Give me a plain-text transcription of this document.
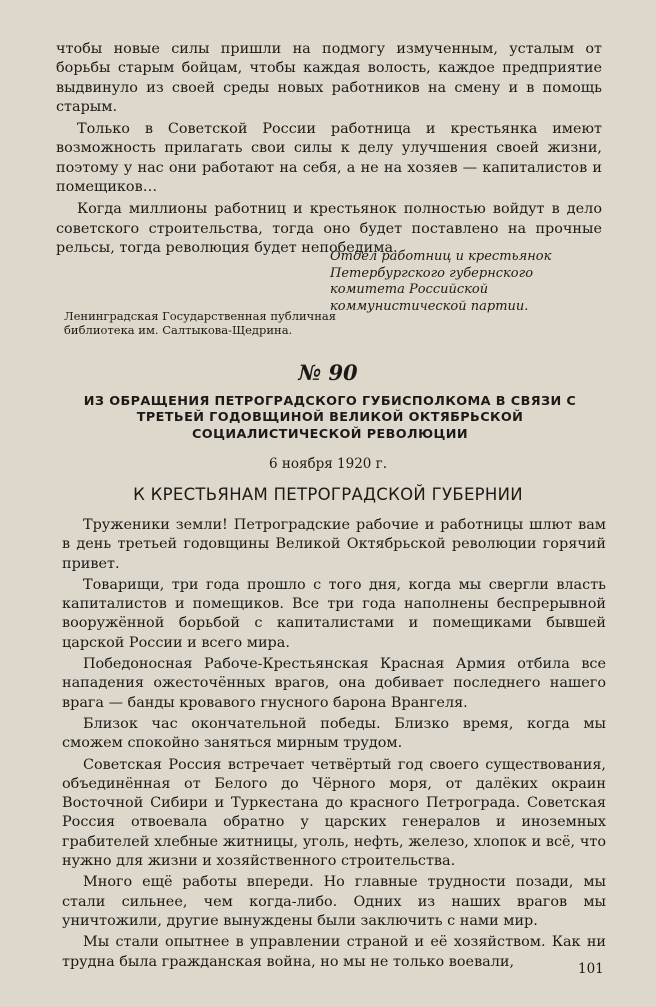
чтобы новые силы пришли на подмогу измученным, усталым от борьбы старым бойцам, чтобы каждая волость, каждое предприятие выдвинуло из своей среды новых работников на смену и в помощь старым.

Только в Советской России работница и крестьянка имеют возможность прилагать свои силы к делу улучшения своей жизни, поэтому у нас они работают на себя, а не на хозяев — капиталистов и помещиков…

Когда миллионы работниц и крестьянок полностью войдут в дело советского строительства, тогда оно будет поставлено на прочные рельсы, тогда революция будет непобедима.

Отдел работниц и крестьянок Петербургского губернского комитета Российской коммунистической партии.
Ленинградская Государственная публичная библиотека им. Салтыкова-Щедрина.
№ 90
ИЗ ОБРАЩЕНИЯ ПЕТРОГРАДСКОГО ГУБИСПОЛКОМА В СВЯЗИ С ТРЕТЬЕЙ ГОДОВЩИНОЙ ВЕЛИКОЙ ОКТЯБРЬСКОЙ СОЦИАЛИСТИЧЕСКОЙ РЕВОЛЮЦИИ
6 ноября 1920 г.
К КРЕСТЬЯНАМ ПЕТРОГРАДСКОЙ ГУБЕРНИИ

Труженики земли! Петроградские рабочие и работницы шлют вам в день третьей годовщины Великой Октябрьской революции горячий привет.

Товарищи, три года прошло с того дня, когда мы свергли власть капиталистов и помещиков. Все три года наполнены беспрерывной вооружённой борьбой с капиталистами и помещиками бывшей царской России и всего мира.

Победоносная Рабоче-Крестьянская Красная Армия отбила все нападения ожесточённых врагов, она добивает последнего нашего врага — банды кровавого гнусного барона Врангеля.

Близок час окончательной победы. Близко время, когда мы сможем спокойно заняться мирным трудом.

Советская Россия встречает четвёртый год своего существования, объединённая от Белого до Чёрного моря, от далёких окраин Восточной Сибири и Туркестана до красного Петрограда. Советская Россия отвоевала обратно у царских генералов и иноземных грабителей хлебные житницы, уголь, нефть, железо, хлопок и всё, что нужно для жизни и хозяйственного строительства.

Много ещё работы впереди. Но главные трудности позади, мы стали сильнее, чем когда-либо. Одних из наших врагов мы уничтожили, другие вынуждены были заключить с нами мир.

Мы стали опытнее в управлении страной и её хозяйством. Как ни трудна была гражданская война, но мы не только воевали,	101
